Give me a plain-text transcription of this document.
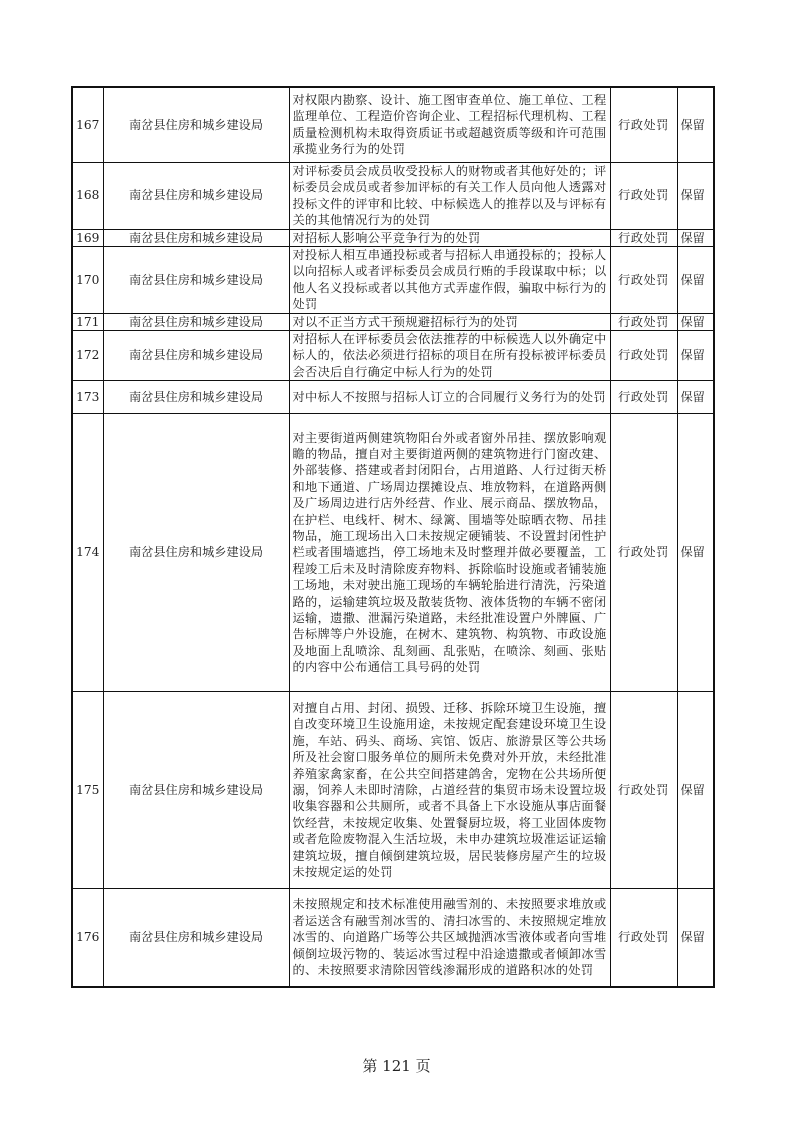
167	南岔县住房和城乡建设局	对权限内勘察、设计、施工图审查单位、施工单位、工程监理单位、工程造价咨询企业、工程招标代理机构、工程质量检测机构未取得资质证书或超越资质等级和许可范围承揽业务行为的处罚	行政处罚	保留
168	南岔县住房和城乡建设局	对评标委员会成员收受投标人的财物或者其他好处的；评标委员会成员或者参加评标的有关工作人员向他人透露对投标文件的评审和比较、中标候选人的推荐以及与评标有关的其他情况行为的处罚	行政处罚	保留
169	南岔县住房和城乡建设局	对招标人影响公平竞争行为的处罚	行政处罚	保留
170	南岔县住房和城乡建设局	对投标人相互串通投标或者与招标人串通投标的；投标人以向招标人或者评标委员会成员行贿的手段谋取中标；以他人名义投标或者以其他方式弄虚作假，骗取中标行为的处罚	行政处罚	保留
171	南岔县住房和城乡建设局	对以不正当方式干预规避招标行为的处罚	行政处罚	保留
172	南岔县住房和城乡建设局	对招标人在评标委员会依法推荐的中标候选人以外确定中标人的，依法必须进行招标的项目在所有投标被评标委员会否决后自行确定中标人行为的处罚	行政处罚	保留
173	南岔县住房和城乡建设局	对中标人不按照与招标人订立的合同履行义务行为的处罚	行政处罚	保留
174	南岔县住房和城乡建设局	对主要街道两侧建筑物阳台外或者窗外吊挂、摆放影响观瞻的物品，擅自对主要街道两侧的建筑物进行门窗改建、外部装修、搭建或者封闭阳台，占用道路、人行过街天桥和地下通道、广场周边摆摊设点、堆放物料，在道路两侧及广场周边进行店外经营、作业、展示商品、摆放物品，在护栏、电线杆、树木、绿篱、围墙等处晾晒衣物、吊挂物品，施工现场出入口未按规定硬铺装、不设置封闭性护栏或者围墙遮挡，停工场地未及时整理并做必要覆盖，工程竣工后未及时清除废弃物料、拆除临时设施或者铺装施工场地，未对驶出施工现场的车辆轮胎进行清洗，污染道路的，运输建筑垃圾及散装货物、液体货物的车辆不密闭运输，遗撒、泄漏污染道路，未经批准设置户外牌匾、广告标牌等户外设施，在树木、建筑物、构筑物、市政设施及地面上乱喷涂、乱刻画、乱张贴，在喷涂、刻画、张贴的内容中公布通信工具号码的处罚	行政处罚	保留
175	南岔县住房和城乡建设局	对擅自占用、封闭、损毁、迁移、拆除环境卫生设施，擅自改变环境卫生设施用途，未按规定配套建设环境卫生设施，车站、码头、商场、宾馆、饭店、旅游景区等公共场所及社会窗口服务单位的厕所未免费对外开放，未经批准养殖家禽家畜，在公共空间搭建鸽舍，宠物在公共场所便溺，饲养人未即时清除，占道经营的集贸市场未设置垃圾收集容器和公共厕所，或者不具备上下水设施从事店面餐饮经营，未按规定收集、处置餐厨垃圾，将工业固体废物或者危险废物混入生活垃圾，未申办建筑垃圾准运证运输建筑垃圾，擅自倾倒建筑垃圾，居民装修房屋产生的垃圾未按规定运的处罚	行政处罚	保留
176	南岔县住房和城乡建设局	未按照规定和技术标准使用融雪剂的、未按照要求堆放或者运送含有融雪剂冰雪的、清扫冰雪的、未按照规定堆放冰雪的、向道路广场等公共区域抛洒冰雪液体或者向雪堆倾倒垃圾污物的、装运冰雪过程中沿途遗撒或者倾卸冰雪的、未按照要求清除因管线渗漏形成的道路积冰的处罚	行政处罚	保留
第 121 页
